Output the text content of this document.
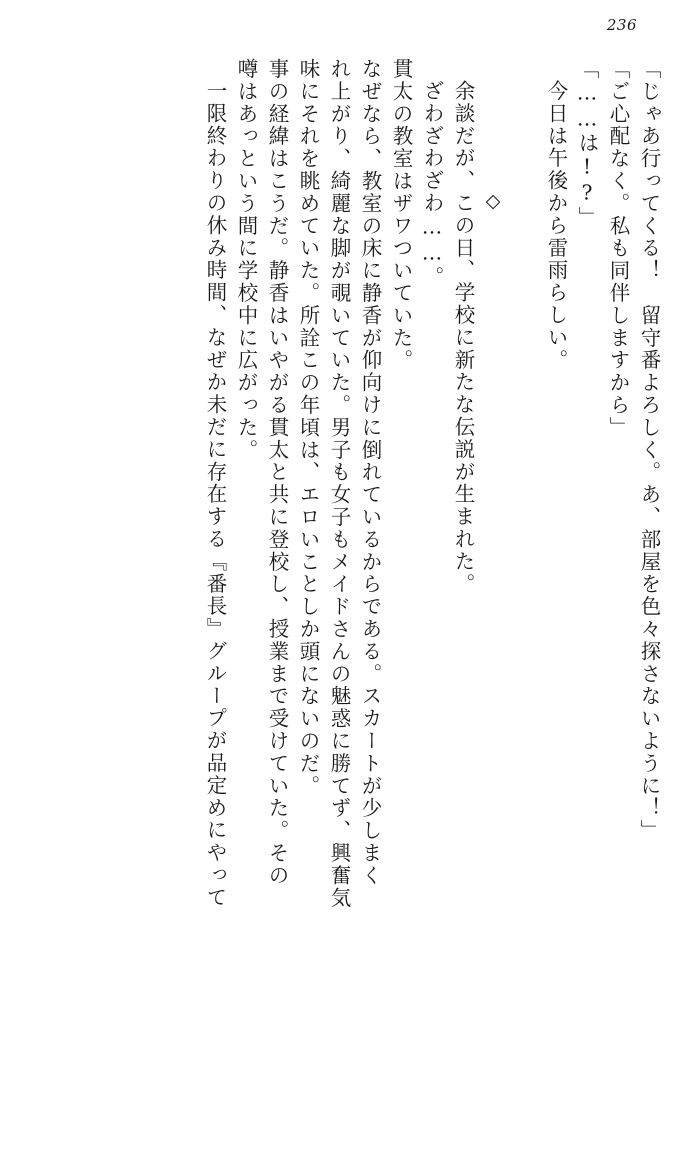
236
「じゃあ行ってくる！　留守番よろしく。あ、部屋を色々探さないように！」
「ご心配なく。私も同伴しますから」
「……は!?」
今日は午後から雷雨らしい。
◇
余談だが、この日、学校に新たな伝説が生まれた。
ざわざわざわ……。
貫太の教室はザワついていた。
なぜなら、教室の床に静香が仰向けに倒れているからである。スカートが少しまく
れ上がり、綺麗な脚が覗いていた。男子も女子もメイドさんの魅惑に勝てず、興奮気
味にそれを眺めていた。所詮この年頃は、エロいことしか頭にないのだ。
事の経緯はこうだ。静香はいやがる貫太と共に登校し、授業まで受けていた。その
噂はあっという間に学校中に広がった。
一限終わりの休み時間、なぜか未だに存在する『番長』グループが品定めにやって
